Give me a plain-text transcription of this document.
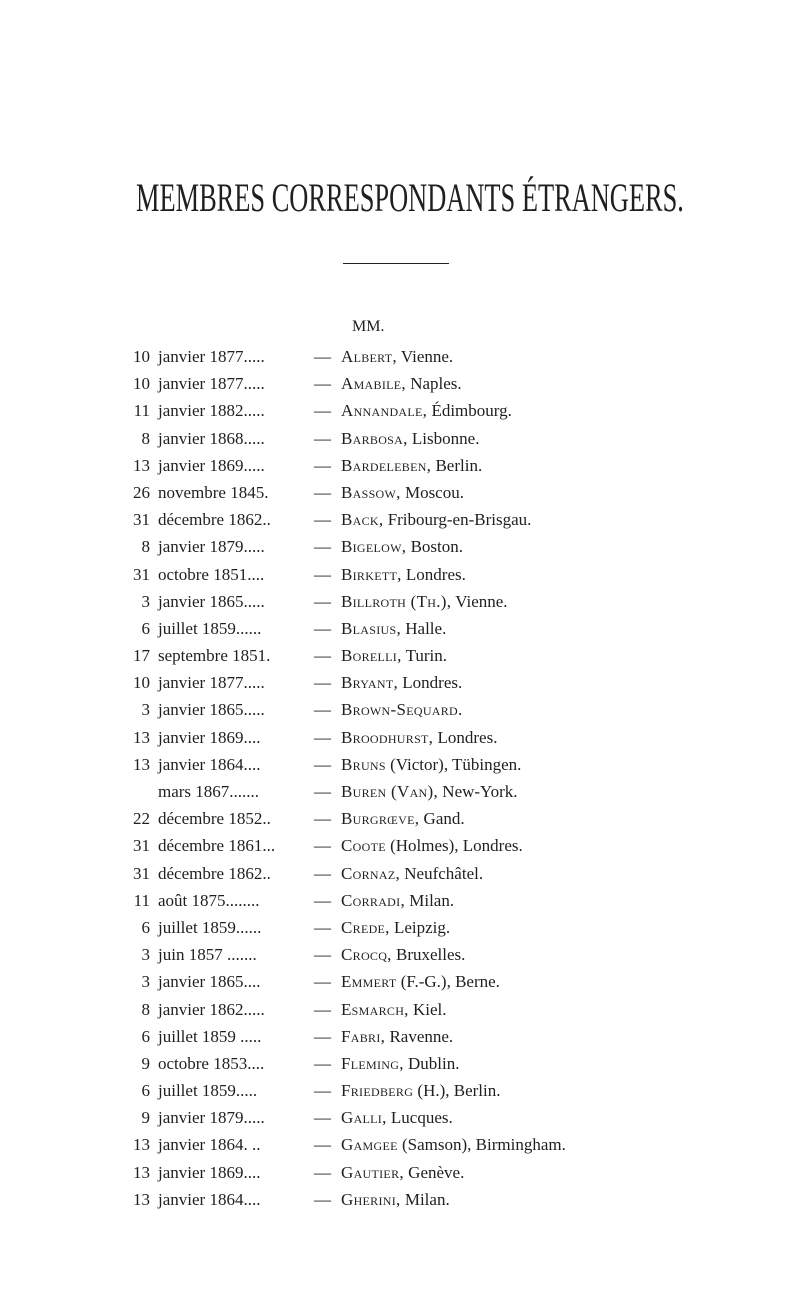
MEMBRES CORRESPONDANTS ÉTRANGERS.
MM.
10 janvier 1877.....	— Albert, Vienne.
10 janvier 1877.....	— Amabile, Naples.
11 janvier 1882.....	— Annandale, Édimbourg.
8 janvier 1868.....	— Barbosa, Lisbonne.
13 janvier 1869.....	— Bardeleben, Berlin.
26 novembre 1845.	— Bassow, Moscou.
31 décembre 1862..	— Back, Fribourg-en-Brisgau.
8 janvier 1879.....	— Bigelow, Boston.
31 octobre 1851....	— Birkett, Londres.
3 janvier 1865.....	— Billroth (Th.), Vienne.
6 juillet 1859......	— Blasius, Halle.
17 septembre 1851.	— Borelli, Turin.
10 janvier 1877.....	— Bryant, Londres.
3 janvier 1865.....	— Brown-Sequard.
13 janvier 1869....	— Broodhurst, Londres.
13 janvier 1864....	— Bruns (Victor), Tübingen.
mars 1867.......	— Buren (Van), New-York.
22 décembre 1852..	— Burgrœve, Gand.
31 décembre 1861... — Coote (Holmes), Londres.
31 décembre 1862..	— Cornaz, Neufchâtel.
11 août 1875........	— Corradi, Milan.
6 juillet 1859......	— Crede, Leipzig.
3 juin 1857 .......	— Crocq, Bruxelles.
3 janvier 1865....	— Emmert (F.-G.), Berne.
8 janvier 1862.....	— Esmarch, Kiel.
6 juillet 1859 .....	— Fabri, Ravenne.
9 octobre 1853....	— Fleming, Dublin.
6 juillet 1859.....	— Friedberg (H.), Berlin.
9 janvier 1879.....	— Galli, Lucques.
13 janvier 1864. ..	— Gamgee (Samson), Birmingham.
13 janvier 1869....	— Gautier, Genève.
13 janvier 1864....	— Gherini, Milan.
